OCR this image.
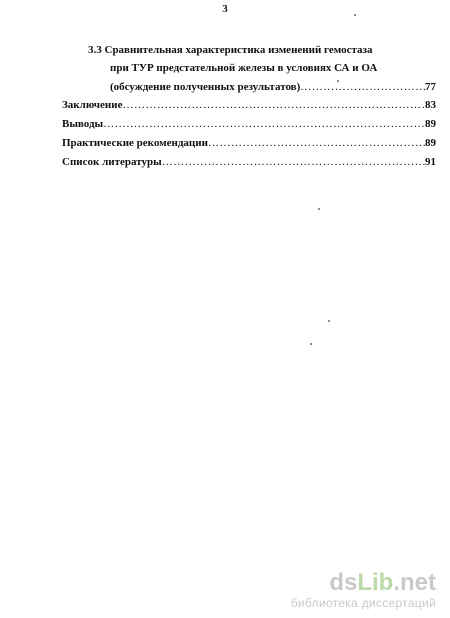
3
3.3 Сравнительная характеристика изменений гемостаза
при ТУР предстательной железы в условиях СА и ОА
(обсуждение полученных результатов) …………………………………………………………………………………………………………………………………	77
Заключение …………………………………………………………………………………………………………………………………	83
Выводы …………………………………………………………………………………………………………………………………	89
Практические рекомендации …………………………………………………………………………………………………………………………………	89
Список литературы …………………………………………………………………………………………………………………………………	91
dsLib.net
библиотека диссертаций
